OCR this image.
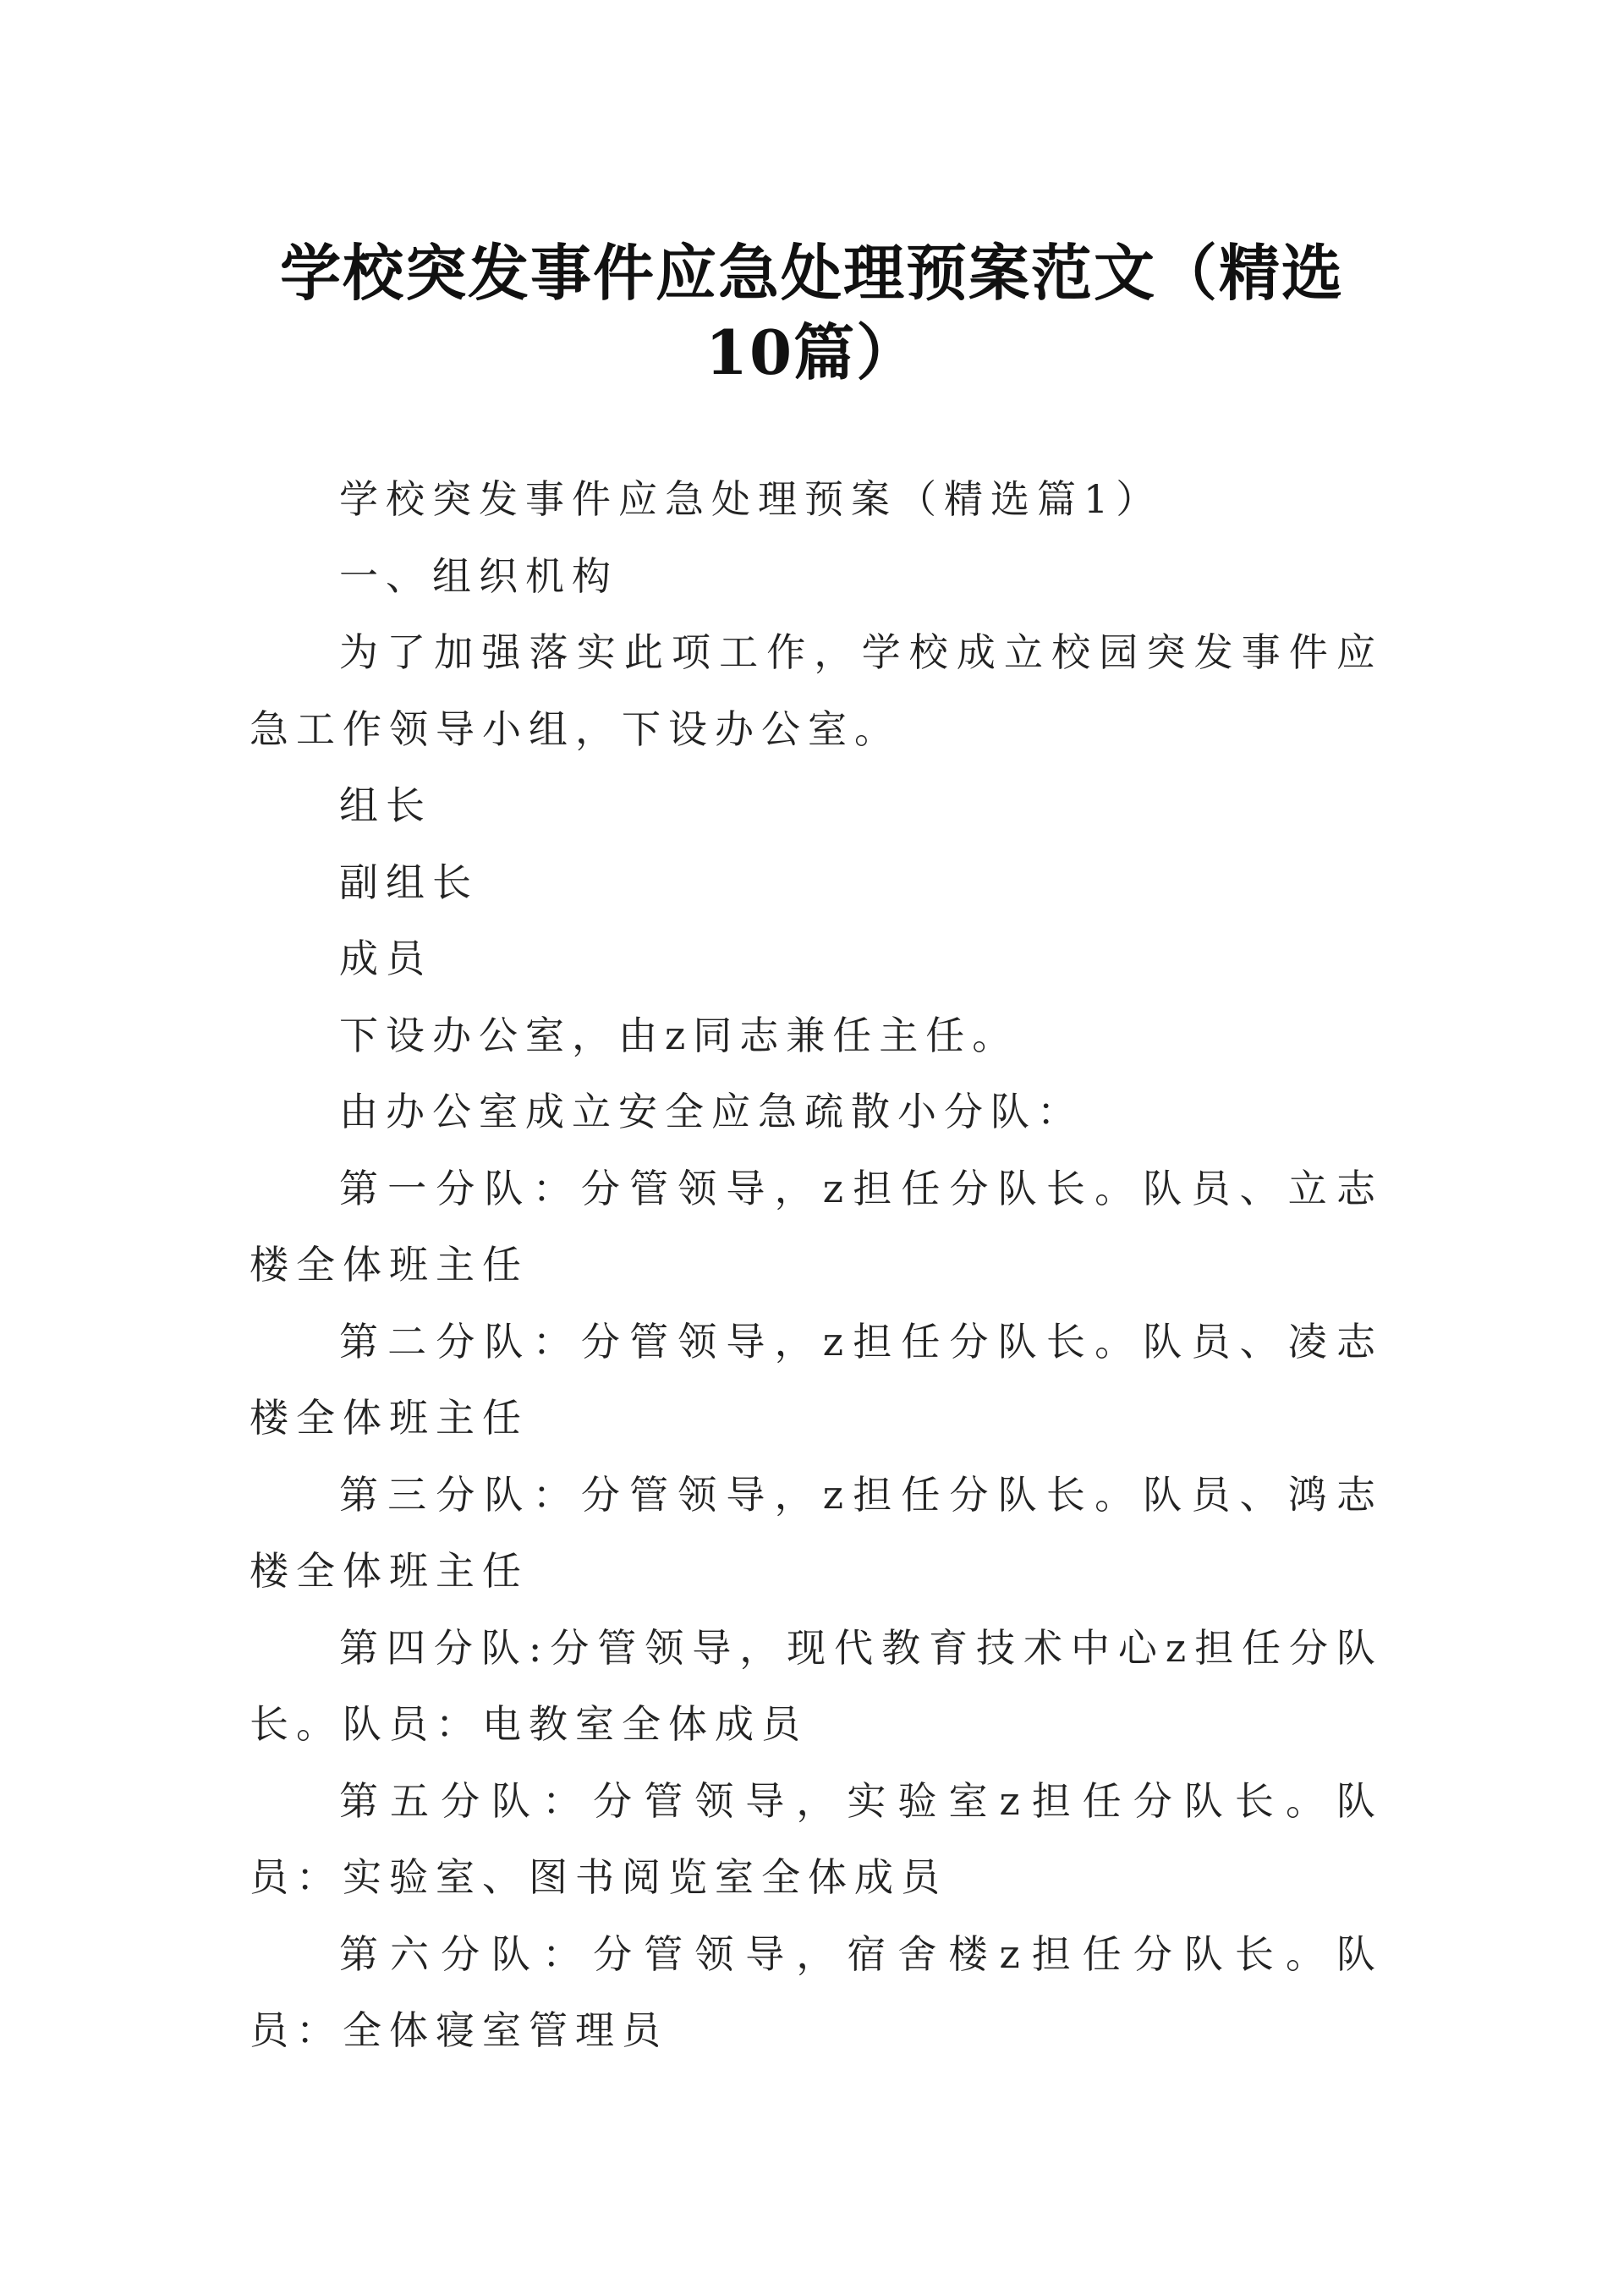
学校突发事件应急处理预案范文（精选10篇）

学校突发事件应急处理预案（精选篇1）

一、组织机构

为了加强落实此项工作，学校成立校园突发事件应急工作领导小组，下设办公室。

组长

副组长

成员

下设办公室，由z同志兼任主任。

由办公室成立安全应急疏散小分队：

第一分队：分管领导，z担任分队长。队员、立志楼全体班主任

第二分队：分管领导，z担任分队长。队员、凌志楼全体班主任

第三分队：分管领导，z担任分队长。队员、鸿志楼全体班主任

第四分队:分管领导，现代教育技术中心z担任分队长。队员：电教室全体成员

第五分队：分管领导，实验室z担任分队长。队员：实验室、图书阅览室全体成员

第六分队：分管领导，宿舍楼z担任分队长。队员：全体寝室管理员
